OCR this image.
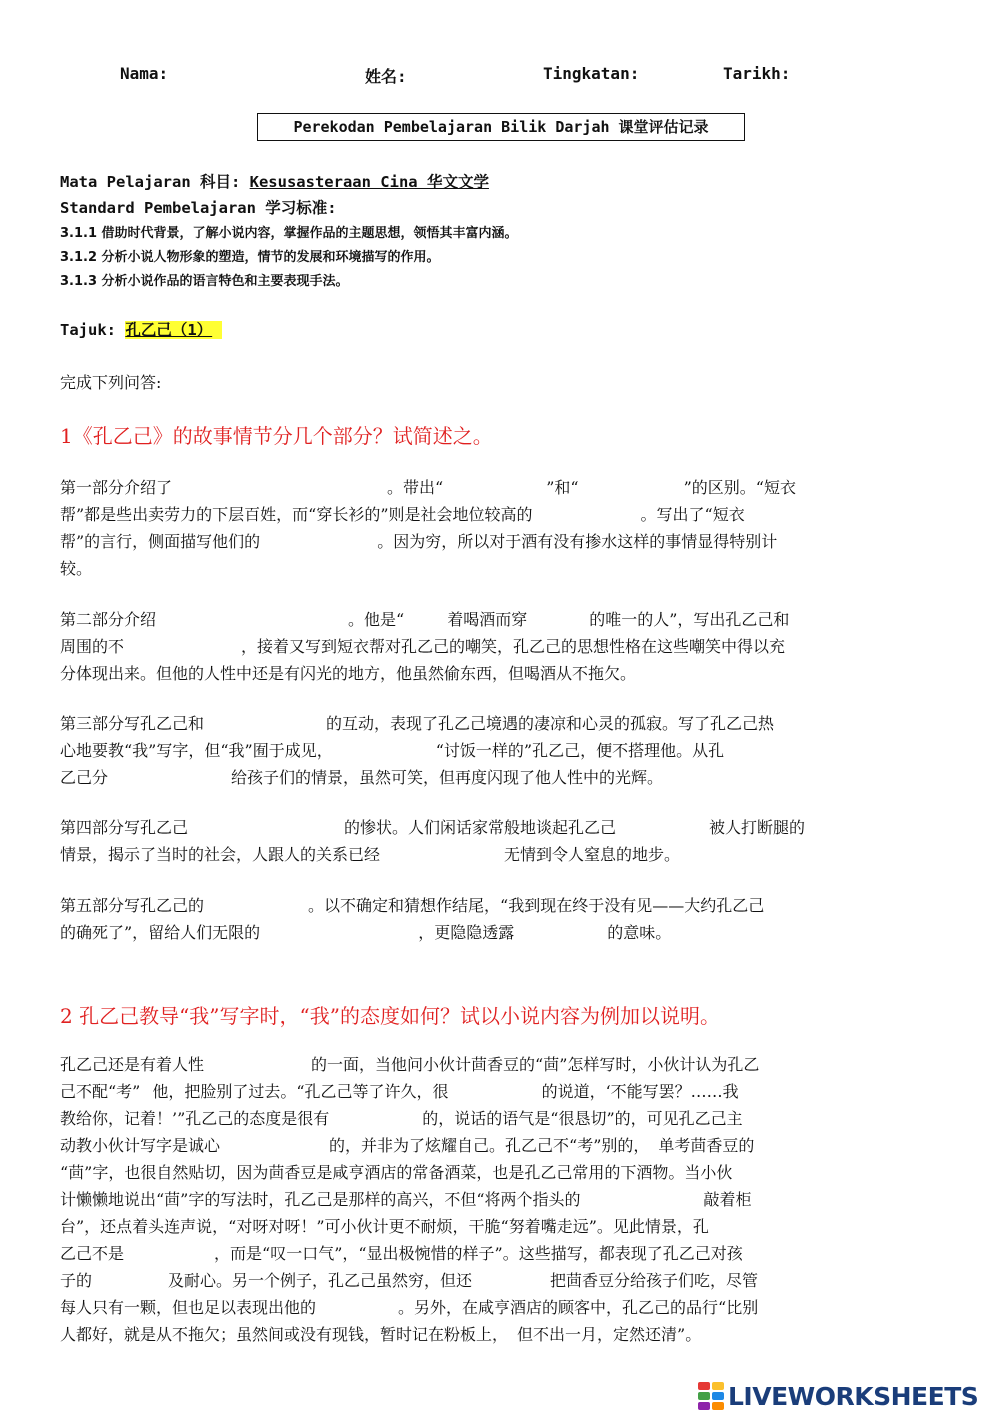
Nama:	姓名:	Tingkatan:	Tarikh:
Perekodan Pembelajaran Bilik Darjah 课堂评估记录
Mata Pelajaran 科目: Kesusasteraan Cina 华文文学
Standard Pembelajaran 学习标准:
3.1.1 借助时代背景，了解小说内容，掌握作品的主题思想，领悟其丰富内涵。
3.1.2 分析小说人物形象的塑造，情节的发展和环境描写的作用。
3.1.3 分析小说作品的语言特色和主要表现手法。
Tajuk: 孔乙己（1）
完成下列问答:
1《孔乙己》的故事情节分几个部分？试简述之。
第一部分介绍了	。带出“	”和“	”的区别。“短衣
帮”都是些出卖劳力的下层百姓，而“穿长衫的”则是社会地位较高的	。写出了“短衣
帮”的言行，侧面描写他们的	。因为穷，所以对于酒有没有掺水这样的事情显得特别计
较。
第二部分介绍	。他是“	着喝酒而穿	的唯一的人”，写出孔乙己和
周围的不	，接着又写到短衣帮对孔乙己的嘲笑，孔乙己的思想性格在这些嘲笑中得以充
分体现出来。但他的人性中还是有闪光的地方，他虽然偷东西，但喝酒从不拖欠。
第三部分写孔乙己和	的互动，表现了孔乙己境遇的凄凉和心灵的孤寂。写了孔乙己热
心地要教“我”写字，但“我”囿于成见，	“讨饭一样的”孔乙己，便不搭理他。从孔
乙己分	给孩子们的情景，虽然可笑，但再度闪现了他人性中的光辉。
第四部分写孔乙己	的惨状。人们闲话家常般地谈起孔乙己	被人打断腿的
情景，揭示了当时的社会，人跟人的关系已经	无情到令人窒息的地步。
第五部分写孔乙己的	。以不确定和猜想作结尾，“我到现在终于没有见——大约孔乙己
的确死了”，留给人们无限的	，更隐隐透露	的意味。
2 孔乙己教导“我”写字时，“我”的态度如何？试以小说内容为例加以说明。
孔乙己还是有着人性	的一面，当他问小伙计茴香豆的“茴”怎样写时，小伙计认为孔乙
己不配“考” 他，把脸别了过去。“孔乙己等了许久，很	的说道，‘不能写罢？……我
教给你，记着！’”孔乙己的态度是很有	的，说话的语气是“很恳切”的，可见孔乙己主
动教小伙计写字是诚心	的，并非为了炫耀自己。孔乙己不“考”别的， 单考茴香豆的
“茴”字，也很自然贴切，因为茴香豆是咸亨酒店的常备酒菜，也是孔乙己常用的下酒物。当小伙
计懒懒地说出“茴”字的写法时，孔乙己是那样的高兴，不但“将两个指头的	敲着柜
台”，还点着头连声说，“对呀对呀！”可小伙计更不耐烦，干脆“努着嘴走远”。见此情景，孔
乙己不是	，而是“叹一口气”，“显出极惋惜的样子”。这些描写，都表现了孔乙己对孩
子的	及耐心。另一个例子，孔乙己虽然穷，但还	把茴香豆分给孩子们吃，尽管
每人只有一颗，但也足以表现出他的	。另外，在咸亨酒店的顾客中，孔乙己的品行“比别
人都好，就是从不拖欠；虽然间或没有现钱，暂时记在粉板上， 但不出一月，定然还清”。
LIVEWORKSHEETS
